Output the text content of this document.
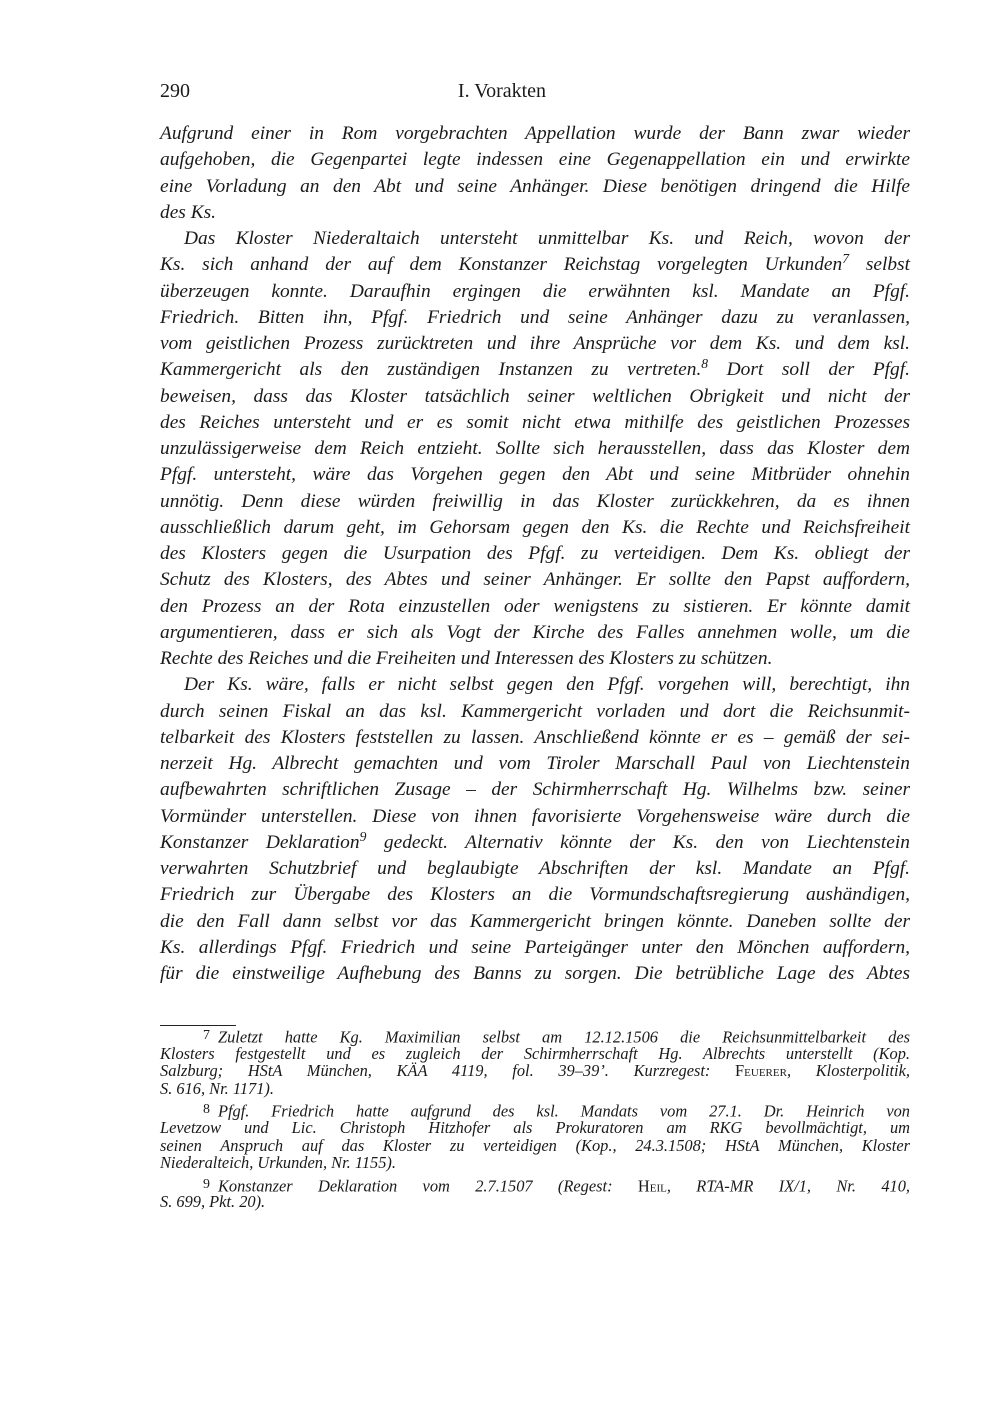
290	I. Vorakten
Aufgrund einer in Rom vorgebrachten Appellation wurde der Bann zwar wieder
aufgehoben, die Gegenpartei legte indessen eine Gegenappellation ein und erwirkte
eine Vorladung an den Abt und seine Anhänger. Diese benötigen dringend die Hilfe
des Ks.
Das Kloster Niederaltaich untersteht unmittelbar Ks. und Reich, wovon der
Ks. sich anhand der auf dem Konstanzer Reichstag vorgelegten Urkunden$^7$ selbst
überzeugen konnte. Daraufhin ergingen die erwähnten ksl. Mandate an Pfgf.
Friedrich. Bitten ihn, Pfgf. Friedrich und seine Anhänger dazu zu veranlassen,
vom geistlichen Prozess zurücktreten und ihre Ansprüche vor dem Ks. und dem ksl.
Kammergericht als den zuständigen Instanzen zu vertreten.$^8$ Dort soll der Pfgf.
beweisen, dass das Kloster tatsächlich seiner weltlichen Obrigkeit und nicht der
des Reiches untersteht und er es somit nicht etwa mithilfe des geistlichen Prozesses
unzulässigerweise dem Reich entzieht. Sollte sich herausstellen, dass das Kloster dem
Pfgf. untersteht, wäre das Vorgehen gegen den Abt und seine Mitbrüder ohnehin
unnötig. Denn diese würden freiwillig in das Kloster zurückkehren, da es ihnen
ausschließlich darum geht, im Gehorsam gegen den Ks. die Rechte und Reichsfreiheit
des Klosters gegen die Usurpation des Pfgf. zu verteidigen. Dem Ks. obliegt der
Schutz des Klosters, des Abtes und seiner Anhänger. Er sollte den Papst auffordern,
den Prozess an der Rota einzustellen oder wenigstens zu sistieren. Er könnte damit
argumentieren, dass er sich als Vogt der Kirche des Falles annehmen wolle, um die
Rechte des Reiches und die Freiheiten und Interessen des Klosters zu schützen.
Der Ks. wäre, falls er nicht selbst gegen den Pfgf. vorgehen will, berechtigt, ihn
durch seinen Fiskal an das ksl. Kammergericht vorladen und dort die Reichsunmit-
telbarkeit des Klosters feststellen zu lassen. Anschließend könnte er es – gemäß der sei-
nerzeit Hg. Albrecht gemachten und vom Tiroler Marschall Paul von Liechtenstein
aufbewahrten schriftlichen Zusage – der Schirmherrschaft Hg. Wilhelms bzw. seiner
Vormünder unterstellen. Diese von ihnen favorisierte Vorgehensweise wäre durch die
Konstanzer Deklaration$^9$ gedeckt. Alternativ könnte der Ks. den von Liechtenstein
verwahrten Schutzbrief und beglaubigte Abschriften der ksl. Mandate an Pfgf.
Friedrich zur Übergabe des Klosters an die Vormundschaftsregierung aushändigen,
die den Fall dann selbst vor das Kammergericht bringen könnte. Daneben sollte der
Ks. allerdings Pfgf. Friedrich und seine Parteigänger unter den Mönchen auffordern,
für die einstweilige Aufhebung des Banns zu sorgen. Die betrübliche Lage des Abtes
7 Zuletzt hatte Kg. Maximilian selbst am 12.12.1506 die Reichsunmittelbarkeit des
Klosters festgestellt und es zugleich der Schirmherrschaft Hg. Albrechts unterstellt (Kop.
Salzburg; HStA München, KÄA 4119, fol. 39–39’. Kurzregest: Feuerer, Klosterpolitik,
S. 616, Nr. 1171).
8 Pfgf. Friedrich hatte aufgrund des ksl. Mandats vom 27.1. Dr. Heinrich von
Levetzow und Lic. Christoph Hitzhofer als Prokuratoren am RKG bevollmächtigt, um
seinen Anspruch auf das Kloster zu verteidigen (Kop., 24.3.1508; HStA München, Kloster
Niederalteich, Urkunden, Nr. 1155).
9 Konstanzer Deklaration vom 2.7.1507 (Regest: Heil, RTA-MR IX/1, Nr. 410,
S. 699, Pkt. 20).
